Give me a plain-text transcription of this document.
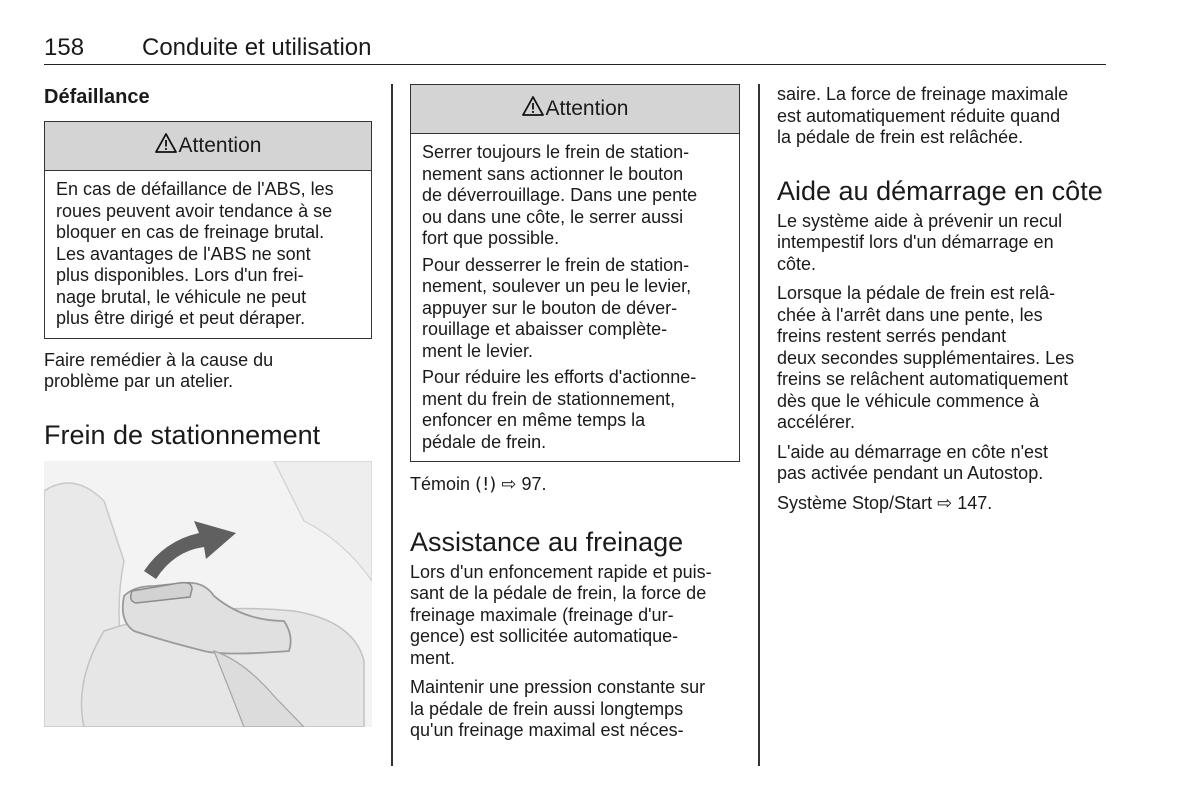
158 Conduite et utilisation
Défaillance
Attention

En cas de défaillance de l'ABS, les
roues peuvent avoir tendance à se
bloquer en cas de freinage brutal.
Les avantages de l'ABS ne sont
plus disponibles. Lors d'un frei-
nage brutal, le véhicule ne peut
plus être dirigé et peut déraper.

Faire remédier à la cause du
problème par un atelier.

Frein de stationnement
Attention

Serrer toujours le frein de station-
nement sans actionner le bouton
de déverrouillage. Dans une pente
ou dans une côte, le serrer aussi
fort que possible.

Pour desserrer le frein de station-
nement, soulever un peu le levier,
appuyer sur le bouton de déver-
rouillage et abaisser complète-
ment le levier.

Pour réduire les efforts d'actionne-
ment du frein de stationnement,
enfoncer en même temps la
pédale de frein.

Témoin (!) ⇨ 97.

Assistance au freinage

Lors d'un enfoncement rapide et puis-
sant de la pédale de frein, la force de
freinage maximale (freinage d'ur-
gence) est sollicitée automatique-
ment.

Maintenir une pression constante sur
la pédale de frein aussi longtemps
qu'un freinage maximal est néces-

saire. La force de freinage maximale
est automatiquement réduite quand
la pédale de frein est relâchée.

Aide au démarrage en côte

Le système aide à prévenir un recul
intempestif lors d'un démarrage en
côte.

Lorsque la pédale de frein est relâ-
chée à l'arrêt dans une pente, les
freins restent serrés pendant
deux secondes supplémentaires. Les
freins se relâchent automatiquement
dès que le véhicule commence à
accélérer.

L'aide au démarrage en côte n'est
pas activée pendant un Autostop.

Système Stop/Start ⇨ 147.
